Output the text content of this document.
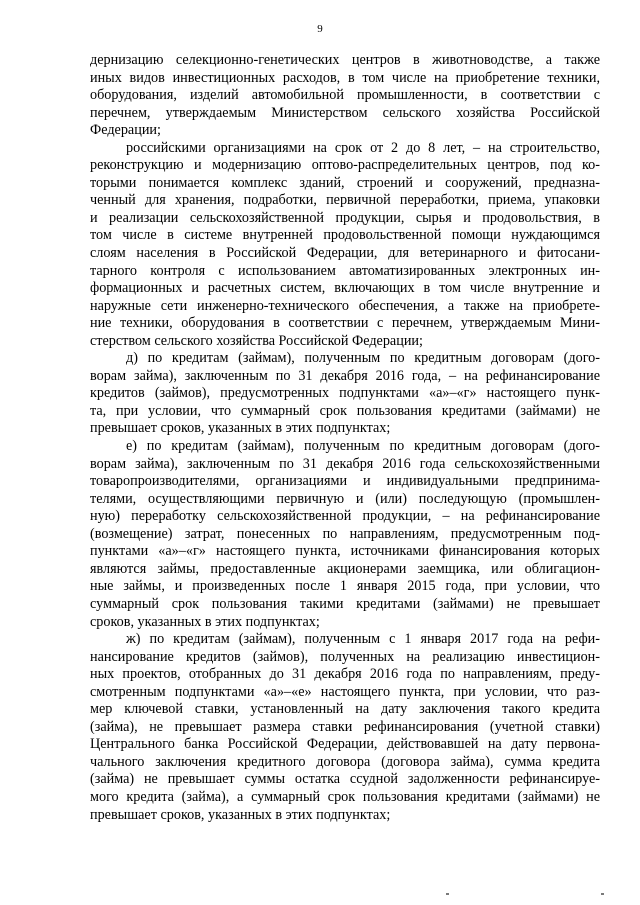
9
дернизацию селекционно-генетических центров в животноводстве, а также
иных видов инвестиционных расходов, в том числе на приобретение техники,
оборудования, изделий автомобильной промышленности, в соответствии с
перечнем, утверждаемым Министерством сельского хозяйства Российской
Федерации;
российскими организациями на срок от 2 до 8 лет, – на строительство,
реконструкцию и модернизацию оптово-распределительных центров, под ко-
торыми понимается комплекс зданий, строений и сооружений, предназна-
ченный для хранения, подработки, первичной переработки, приема, упаковки
и реализации сельскохозяйственной продукции, сырья и продовольствия, в
том числе в системе внутренней продовольственной помощи нуждающимся
слоям населения в Российской Федерации, для ветеринарного и фитосани-
тарного контроля с использованием автоматизированных электронных ин-
формационных и расчетных систем, включающих в том числе внутренние и
наружные сети инженерно-технического обеспечения, а также на приобрете-
ние техники, оборудования в соответствии с перечнем, утверждаемым Мини-
стерством сельского хозяйства Российской Федерации;
д) по кредитам (займам), полученным по кредитным договорам (дого-
ворам займа), заключенным по 31 декабря 2016 года, – на рефинансирование
кредитов (займов), предусмотренных подпунктами «а»–«г» настоящего пунк-
та, при условии, что суммарный срок пользования кредитами (займами) не
превышает сроков, указанных в этих подпунктах;
е) по кредитам (займам), полученным по кредитным договорам (дого-
ворам займа), заключенным по 31 декабря 2016 года сельскохозяйственными
товаропроизводителями, организациями и индивидуальными предпринима-
телями, осуществляющими первичную и (или) последующую (промышлен-
ную) переработку сельскохозяйственной продукции, – на рефинансирование
(возмещение) затрат, понесенных по направлениям, предусмотренным под-
пунктами «а»–«г» настоящего пункта, источниками финансирования которых
являются займы, предоставленные акционерами заемщика, или облигацион-
ные займы, и произведенных после 1 января 2015 года, при условии, что
суммарный срок пользования такими кредитами (займами) не превышает
сроков, указанных в этих подпунктах;
ж) по кредитам (займам), полученным с 1 января 2017 года на рефи-
нансирование кредитов (займов), полученных на реализацию инвестицион-
ных проектов, отобранных до 31 декабря 2016 года по направлениям, преду-
смотренным подпунктами «а»–«е» настоящего пункта, при условии, что раз-
мер ключевой ставки, установленный на дату заключения такого кредита
(займа), не превышает размера ставки рефинансирования (учетной ставки)
Центрального банка Российской Федерации, действовавшей на дату первона-
чального заключения кредитного договора (договора займа), сумма кредита
(займа) не превышает суммы остатка ссудной задолженности рефинансируе-
мого кредита (займа), а суммарный срок пользования кредитами (займами) не
превышает сроков, указанных в этих подпунктах;
